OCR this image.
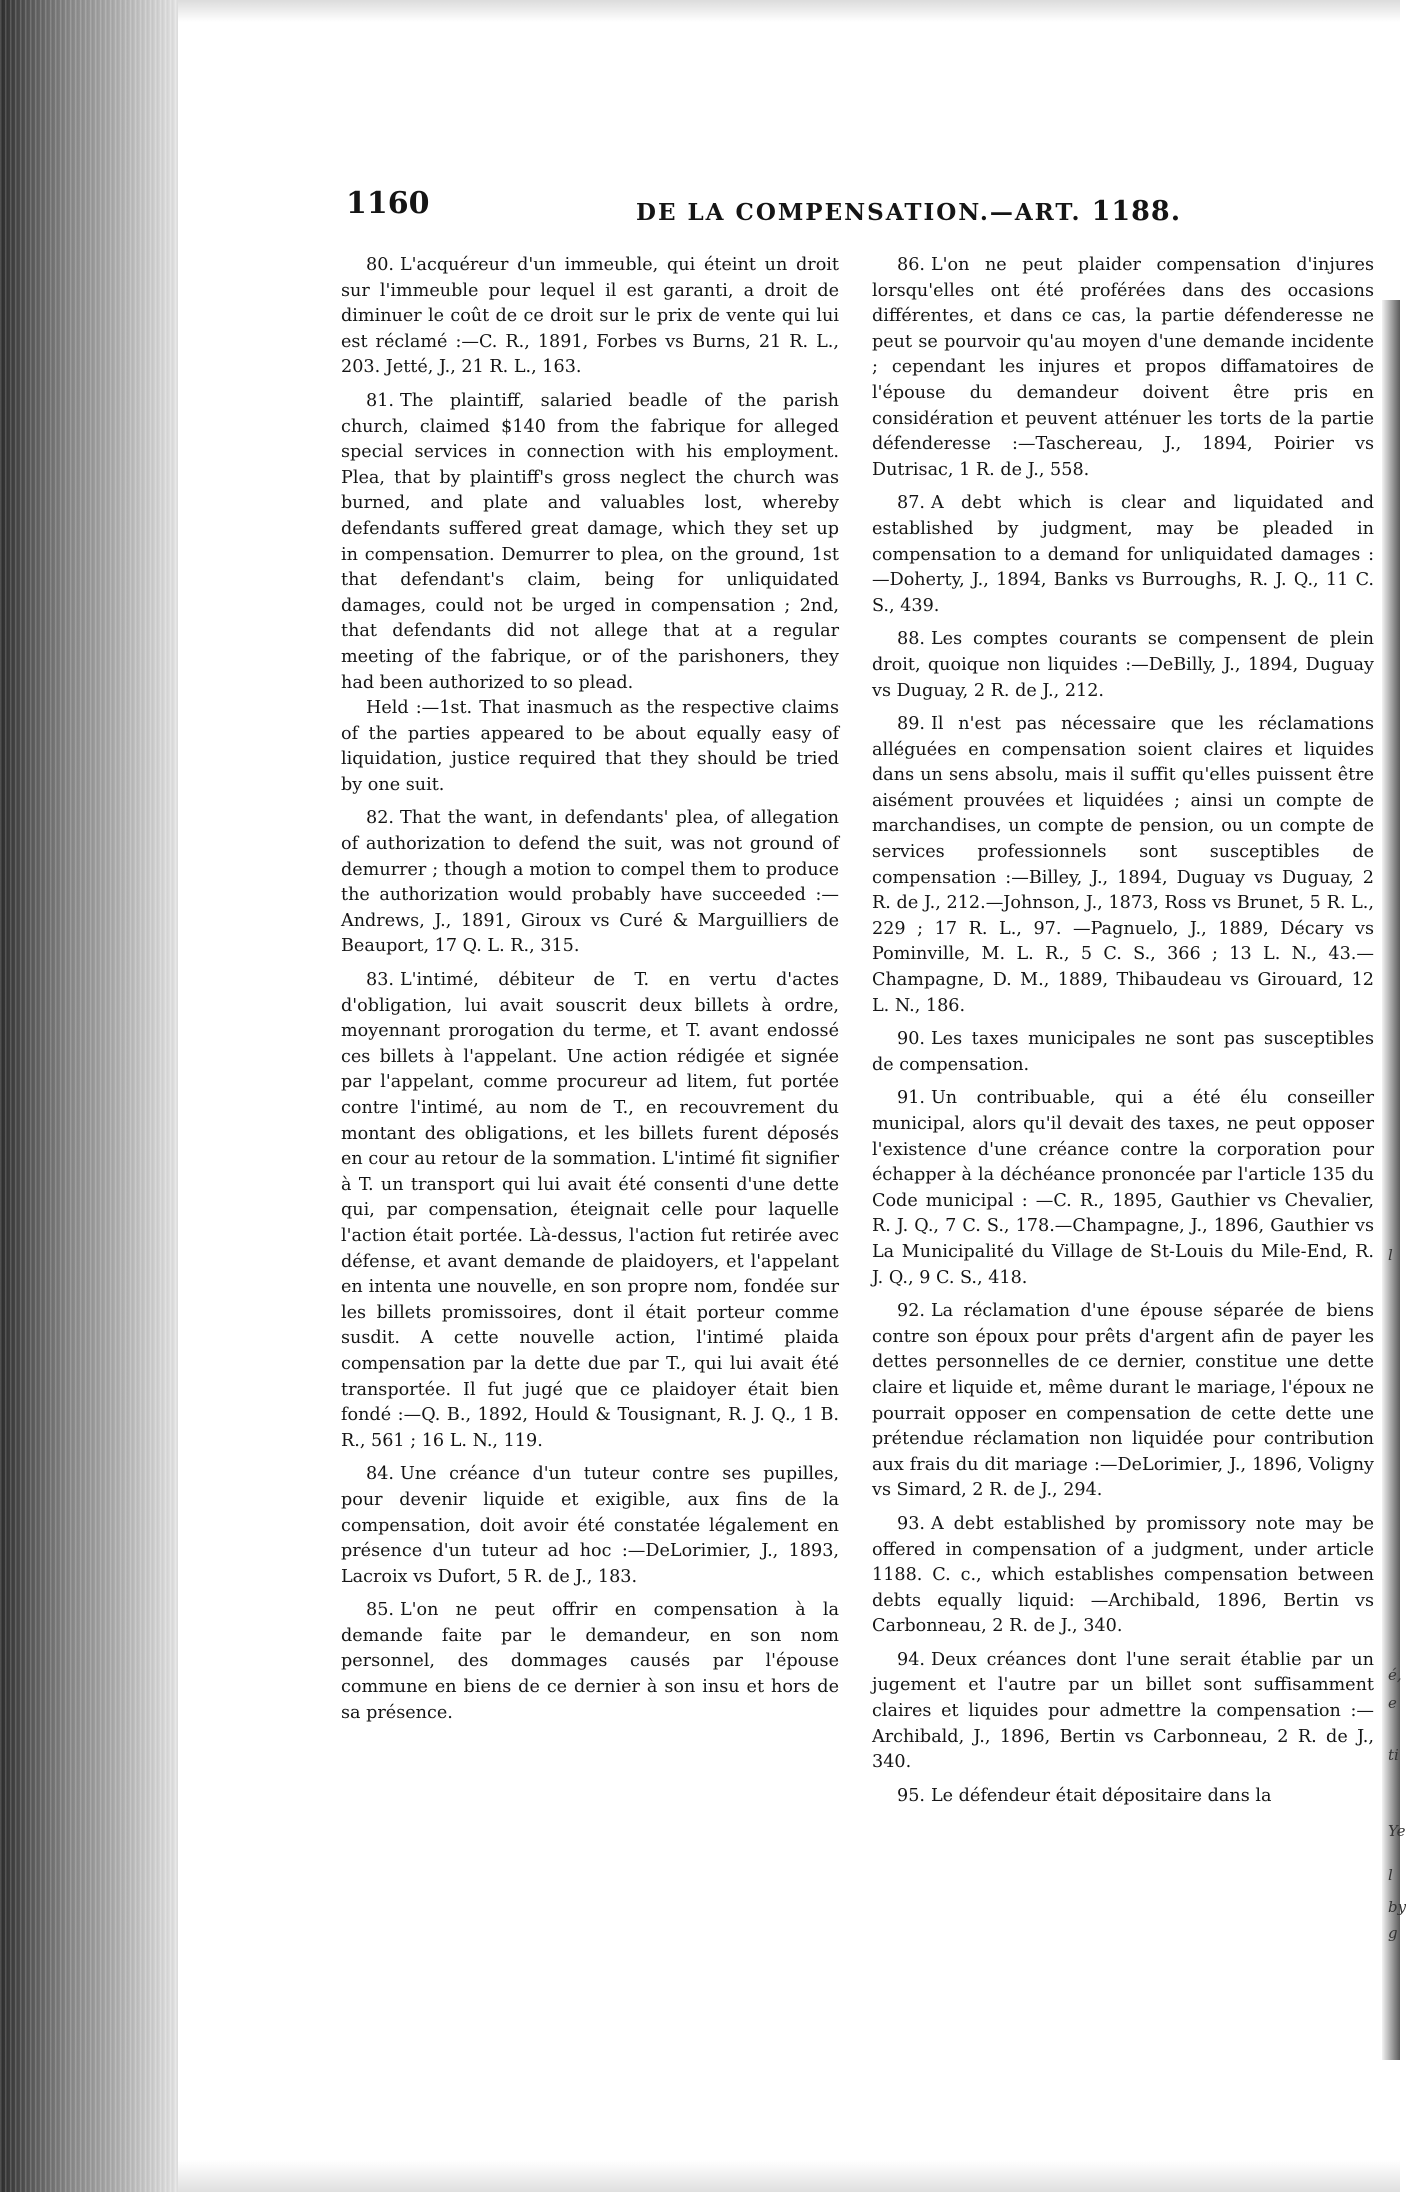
1160	DE LA COMPENSATION.—ART. 1188.

80. L'acquéreur d'un immeuble, qui éteint un droit sur l'immeuble pour lequel il est garanti, a droit de diminuer le coût de ce droit sur le prix de vente qui lui est réclamé :—C. R., 1891, Forbes vs Burns, 21 R. L., 203. Jetté, J., 21 R. L., 163.

81. The plaintiff, salaried beadle of the parish church, claimed $140 from the fabrique for alleged special services in connection with his employment. Plea, that by plaintiff's gross neglect the church was burned, and plate and valuables lost, whereby defendants suffered great damage, which they set up in compensation. Demurrer to plea, on the ground, 1st that defendant's claim, being for unliquidated damages, could not be urged in compensation ; 2nd, that defendants did not allege that at a regular meeting of the fabrique, or of the parishoners, they had been authorized to so plead.

Held :—1st. That inasmuch as the respective claims of the parties appeared to be about equally easy of liquidation, justice required that they should be tried by one suit.

82. That the want, in defendants' plea, of allegation of authorization to defend the suit, was not ground of demurrer ; though a motion to compel them to produce the authorization would probably have succeeded :—Andrews, J., 1891, Giroux vs Curé & Marguilliers de Beauport, 17 Q. L. R., 315.

83. L'intimé, débiteur de T. en vertu d'actes d'obligation, lui avait souscrit deux billets à ordre, moyennant prorogation du terme, et T. avant endossé ces billets à l'appelant. Une action rédigée et signée par l'appelant, comme procureur ad litem, fut portée contre l'intimé, au nom de T., en recouvrement du montant des obligations, et les billets furent déposés en cour au retour de la sommation. L'intimé fit signifier à T. un transport qui lui avait été consenti d'une dette qui, par compensation, éteignait celle pour laquelle l'action était portée. Là-dessus, l'action fut retirée avec défense, et avant demande de plaidoyers, et l'appelant en intenta une nouvelle, en son propre nom, fondée sur les billets promissoires, dont il était porteur comme susdit. A cette nouvelle action, l'intimé plaida compensation par la dette due par T., qui lui avait été transportée. Il fut jugé que ce plaidoyer était bien fondé :—Q. B., 1892, Hould & Tousignant, R. J. Q., 1 B. R., 561 ; 16 L. N., 119.

84. Une créance d'un tuteur contre ses pupilles, pour devenir liquide et exigible, aux fins de la compensation, doit avoir été constatée légalement en présence d'un tuteur ad hoc :—DeLorimier, J., 1893, Lacroix vs Dufort, 5 R. de J., 183.

85. L'on ne peut offrir en compensation à la demande faite par le demandeur, en son nom personnel, des dommages causés par l'épouse commune en biens de ce dernier à son insu et hors de sa présence.

86. L'on ne peut plaider compensation d'injures lorsqu'elles ont été proférées dans des occasions différentes, et dans ce cas, la partie défenderesse ne peut se pourvoir qu'au moyen d'une demande incidente ; cependant les injures et propos diffamatoires de l'épouse du demandeur doivent être pris en considération et peuvent atténuer les torts de la partie défenderesse :—Taschereau, J., 1894, Poirier vs Dutrisac, 1 R. de J., 558.

87. A debt which is clear and liquidated and established by judgment, may be pleaded in compensation to a demand for unliquidated damages :—Doherty, J., 1894, Banks vs Burroughs, R. J. Q., 11 C. S., 439.

88. Les comptes courants se compensent de plein droit, quoique non liquides :—DeBilly, J., 1894, Duguay vs Duguay, 2 R. de J., 212.

89. Il n'est pas nécessaire que les réclamations alléguées en compensation soient claires et liquides dans un sens absolu, mais il suffit qu'elles puissent être aisément prouvées et liquidées ; ainsi un compte de marchandises, un compte de pension, ou un compte de services professionnels sont susceptibles de compensation :—Billey, J., 1894, Duguay vs Duguay, 2 R. de J., 212.—Johnson, J., 1873, Ross vs Brunet, 5 R. L., 229 ; 17 R. L., 97. —Pagnuelo, J., 1889, Décary vs Pominville, M. L. R., 5 C. S., 366 ; 13 L. N., 43.—Champagne, D. M., 1889, Thibaudeau vs Girouard, 12 L. N., 186.

90. Les taxes municipales ne sont pas susceptibles de compensation.

91. Un contribuable, qui a été élu conseiller municipal, alors qu'il devait des taxes, ne peut opposer l'existence d'une créance contre la corporation pour échapper à la déchéance prononcée par l'article 135 du Code municipal : —C. R., 1895, Gauthier vs Chevalier, R. J. Q., 7 C. S., 178.—Champagne, J., 1896, Gauthier vs La Municipalité du Village de St-Louis du Mile-End, R. J. Q., 9 C. S., 418.

92. La réclamation d'une épouse séparée de biens contre son époux pour prêts d'argent afin de payer les dettes personnelles de ce dernier, constitue une dette claire et liquide et, même durant le mariage, l'époux ne pourrait opposer en compensation de cette dette une prétendue réclamation non liquidée pour contribution aux frais du dit mariage :—DeLorimier, J., 1896, Voligny vs Simard, 2 R. de J., 294.

93. A debt established by promissory note may be offered in compensation of a judgment, under article 1188. C. c., which establishes compensation between debts equally liquid: —Archibald, 1896, Bertin vs Carbonneau, 2 R. de J., 340.

94. Deux créances dont l'une serait établie par un jugement et l'autre par un billet sont suffisamment claires et liquides pour admettre la compensation :—Archibald, J., 1896, Bertin vs Carbonneau, 2 R. de J., 340.

95. Le défendeur était dépositaire dans la

l
é,
e
ti
Ye
l
by
g
